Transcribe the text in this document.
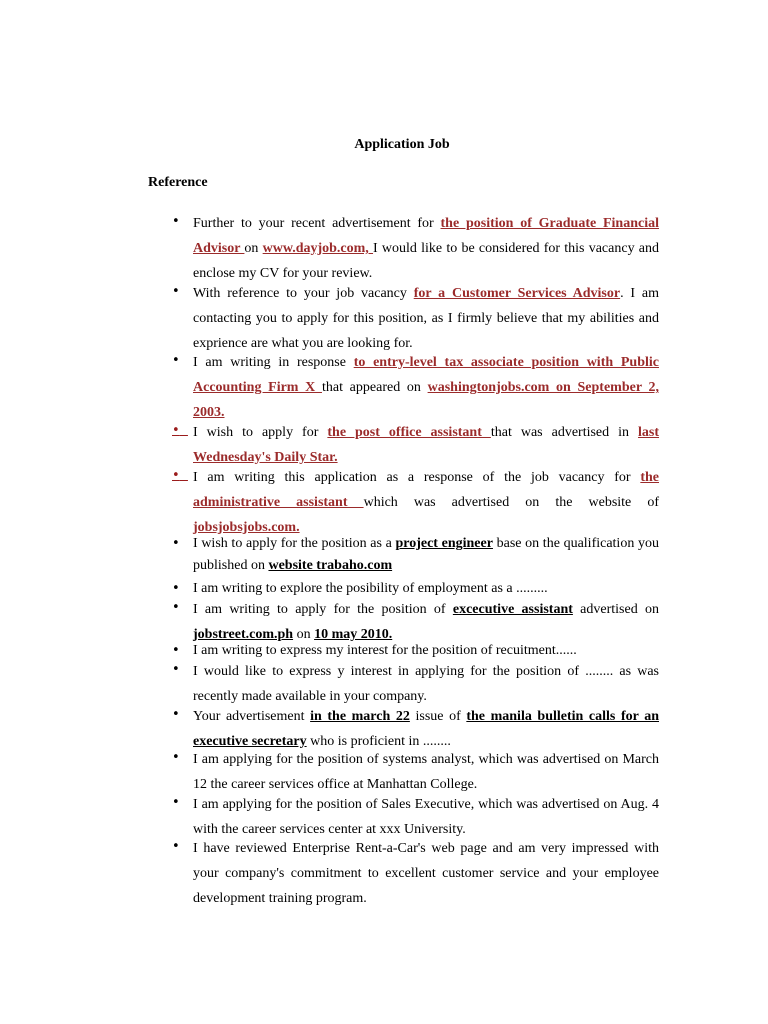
Application Job
Reference
• Further to your recent advertisement for the position of Graduate Financial Advisor on www.dayjob.com, I would like to be considered for this vacancy and enclose my CV for your review.
• With reference to your job vacancy for a Customer Services Advisor. I am contacting you to apply for this position, as I firmly believe that my abilities and exprience are what you are looking for.
• I am writing in response to entry-level tax associate position with Public Accounting Firm X that appeared on washingtonjobs.com on September 2, 2003.
• I wish to apply for the post office assistant that was advertised in last Wednesday's Daily Star.
• I am writing this application as a response of the job vacancy for the administrative assistant which was advertised on the website of jobsjobsjobs.com.
• I wish to apply for the position as a project engineer base on the qualification you published on website trabaho.com
• I am writing to explore the posibility of employment as a .........
• I am writing to apply for the position of excecutive assistant advertised on jobstreet.com.ph on 10 may 2010.
• I am writing to express my interest for the position of recuitment......
• I would like to express y interest in applying for the position of ........ as was recently made available in your company.
• Your advertisement in the march 22 issue of the manila bulletin calls for an executive secretary who is proficient in ........
• I am applying for the position of systems analyst, which was advertised on March 12 the career services office at Manhattan College.
• I am applying for the position of Sales Executive, which was advertised on Aug. 4 with the career services center at xxx University.
• I have reviewed Enterprise Rent-a-Car's web page and am very impressed with your company's commitment to excellent customer service and your employee development training program.
